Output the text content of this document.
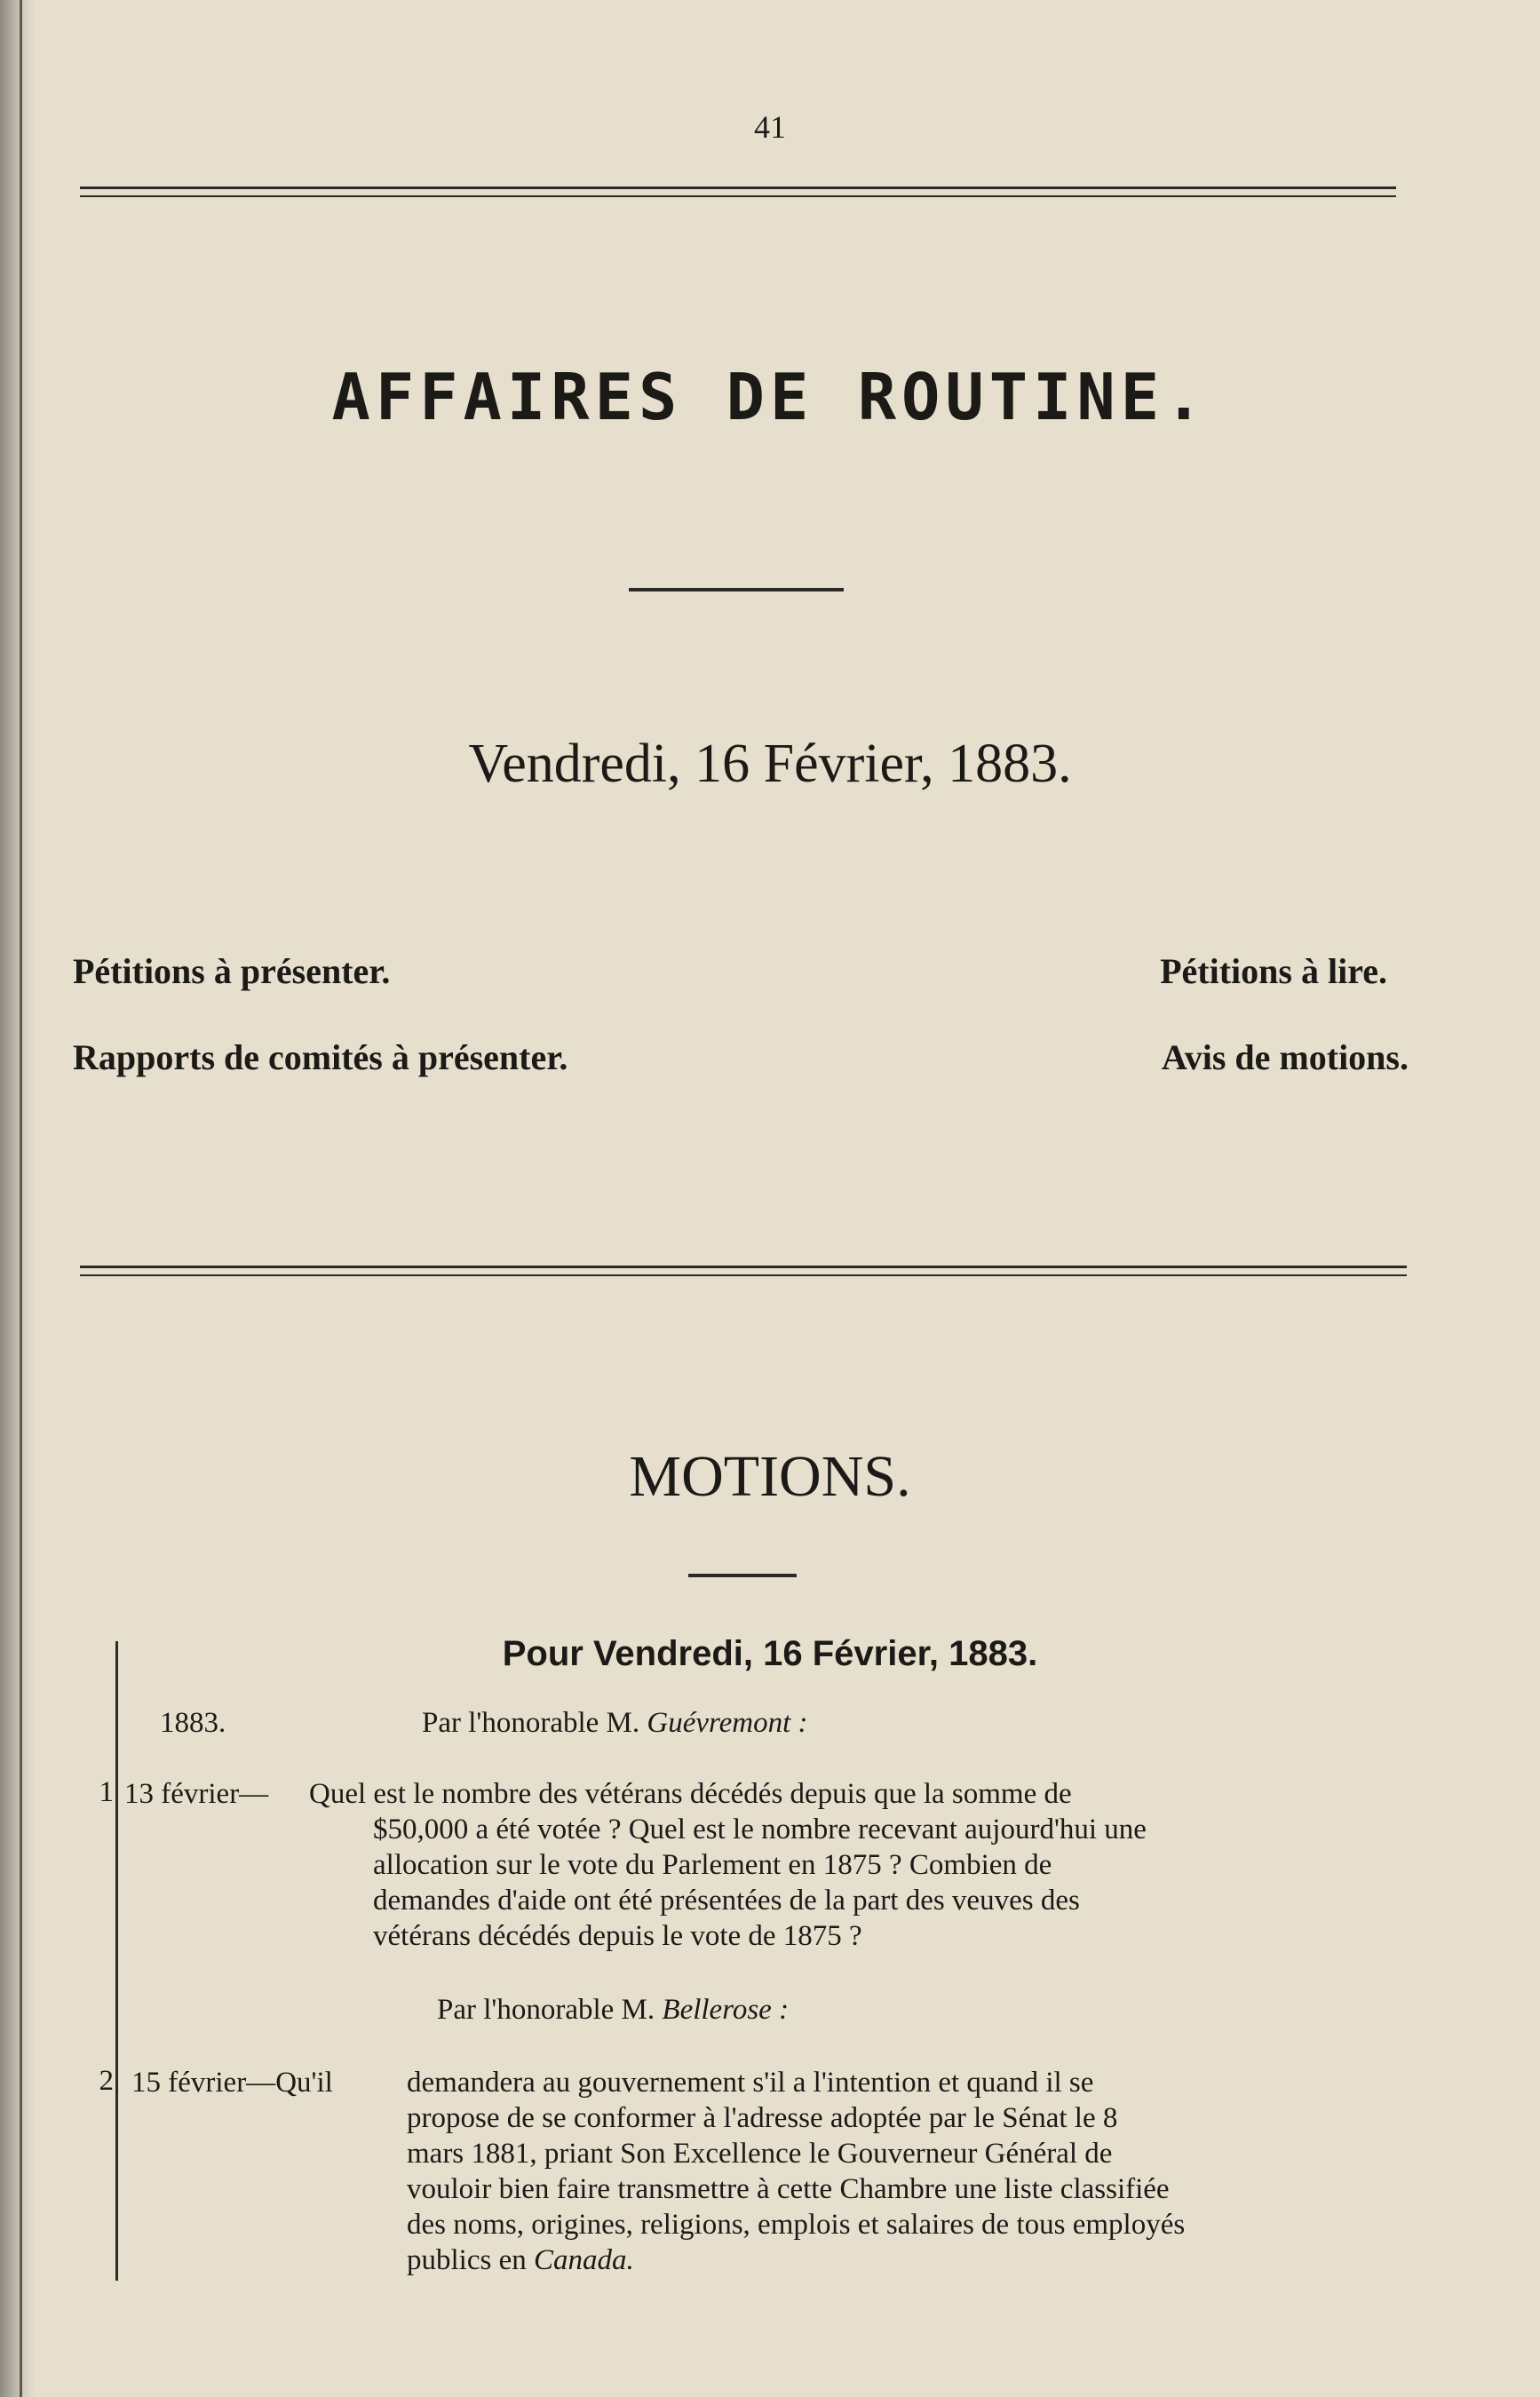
41
AFFAIRES DE ROUTINE.
Vendredi, 16 Février, 1883.
Pétitions à présenter.
Rapports de comités à présenter.
Pétitions à lire.
Avis de motions.
MOTIONS.
Pour Vendredi, 16 Février, 1883.
1883.	Par l'honorable M. Guévremont :
1 13 février— Quel est le nombre des vétérans décédés depuis que la somme de
$50,000 a été votée ? Quel est le nombre recevant aujourd'hui une
allocation sur le vote du Parlement en 1875 ? Combien de
demandes d'aide ont été présentées de la part des veuves des
vétérans décédés depuis le vote de 1875 ?
Par l'honorable M. Bellerose :
2 15 février—Qu'il	demandera au gouvernement s'il a l'intention et quand il se
propose de se conformer à l'adresse adoptée par le Sénat le 8
mars 1881, priant Son Excellence le Gouverneur Général de
vouloir bien faire transmettre à cette Chambre une liste classifiée
des noms, origines, religions, emplois et salaires de tous employés
publics en Canada.
